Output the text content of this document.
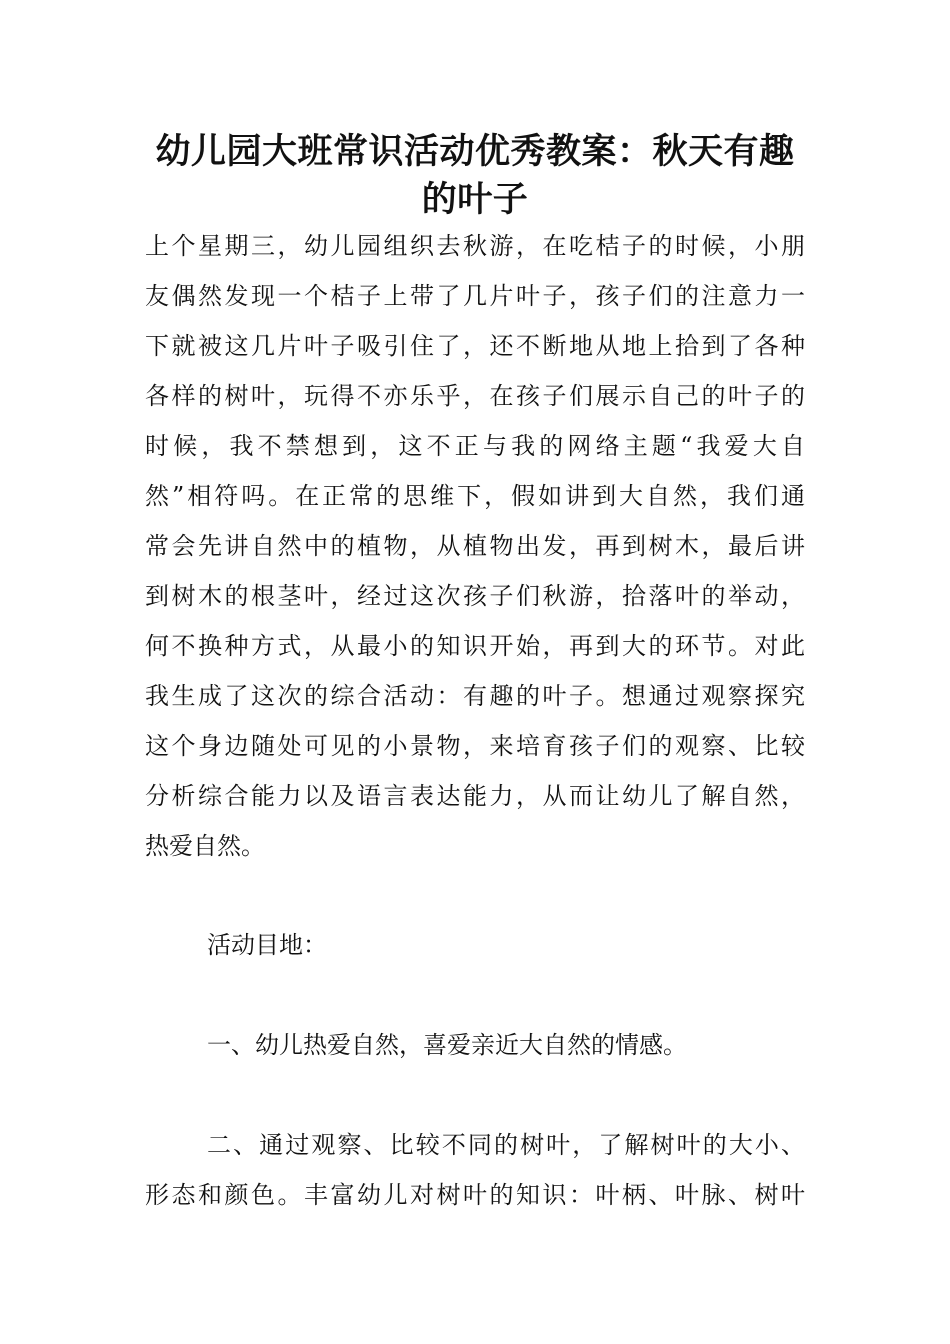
幼儿园大班常识活动优秀教案：秋天有趣的叶子

上个星期三，幼儿园组织去秋游，在吃桔子的时候，小朋

友偶然发现一个桔子上带了几片叶子，孩子们的注意力一

下就被这几片叶子吸引住了，还不断地从地上拾到了各种

各样的树叶，玩得不亦乐乎，在孩子们展示自己的叶子的

时候，我不禁想到，这不正与我的网络主题“我爱大自

然”相符吗。在正常的思维下，假如讲到大自然，我们通

常会先讲自然中的植物，从植物出发，再到树木，最后讲

到树木的根茎叶，经过这次孩子们秋游，拾落叶的举动，

何不换种方式，从最小的知识开始，再到大的环节。对此

我生成了这次的综合活动：有趣的叶子。想通过观察探究

这个身边随处可见的小景物，来培育孩子们的观察、比较

分析综合能力以及语言表达能力，从而让幼儿了解自然，

热爱自然。

活动目地：

一、幼儿热爱自然，喜爱亲近大自然的情感。

二、通过观察、比较不同的树叶，了解树叶的大小、

形态和颜色。丰富幼儿对树叶的知识：叶柄、叶脉、树叶
